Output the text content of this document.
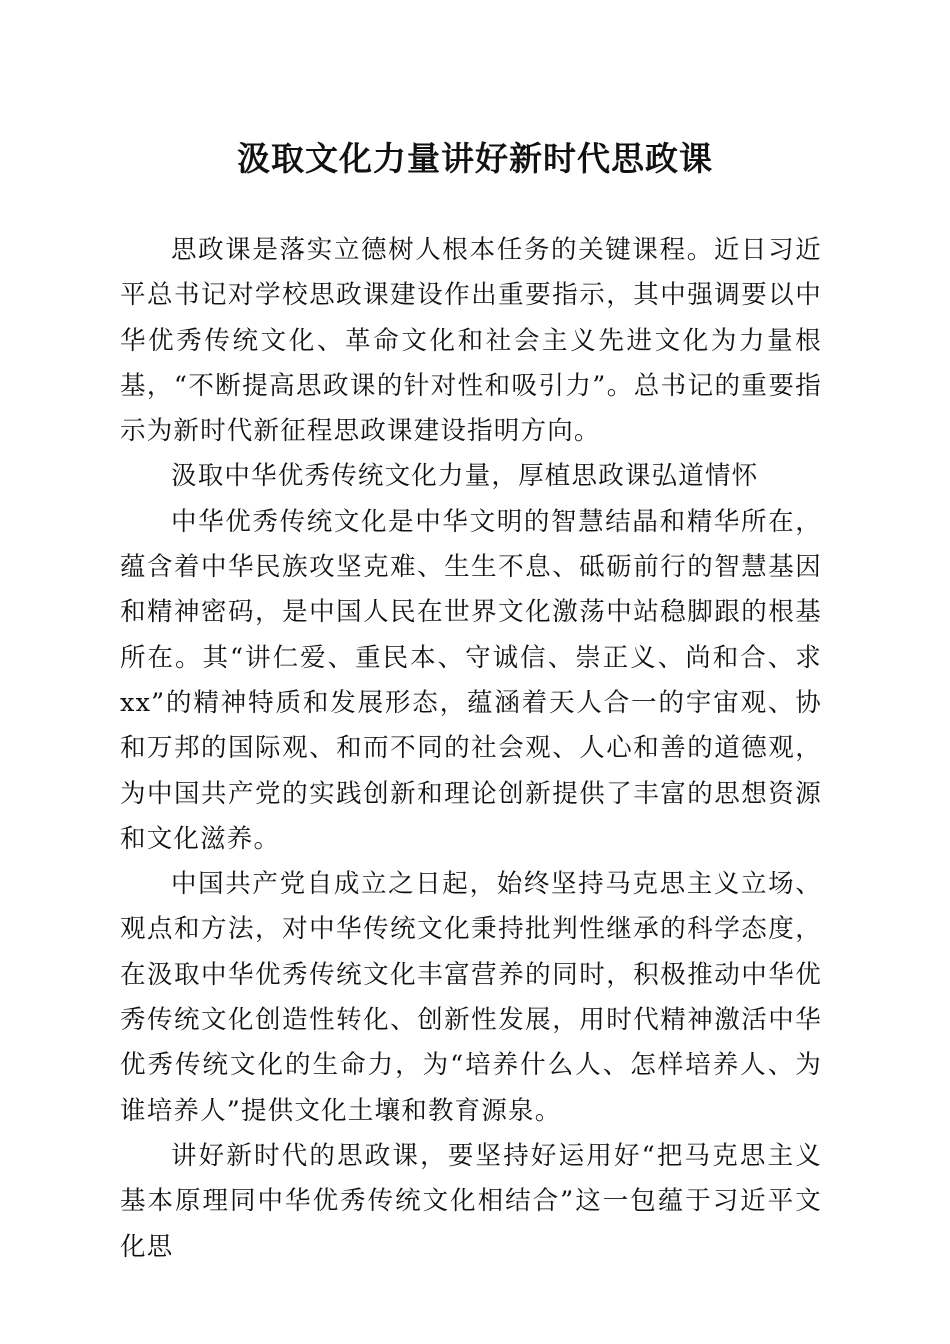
汲取文化力量讲好新时代思政课

思政课是落实立德树人根本任务的关键课程。近日习近平总书记对学校思政课建设作出重要指示，其中强调要以中华优秀传统文化、革命文化和社会主义先进文化为力量根基，“不断提高思政课的针对性和吸引力”。总书记的重要指示为新时代新征程思政课建设指明方向。

汲取中华优秀传统文化力量，厚植思政课弘道情怀

中华优秀传统文化是中华文明的智慧结晶和精华所在，蕴含着中华民族攻坚克难、生生不息、砥砺前行的智慧基因和精神密码，是中国人民在世界文化激荡中站稳脚跟的根基所在。其“讲仁爱、重民本、守诚信、崇正义、尚和合、求xx”的精神特质和发展形态，蕴涵着天人合一的宇宙观、协和万邦的国际观、和而不同的社会观、人心和善的道德观，为中国共产党的实践创新和理论创新提供了丰富的思想资源和文化滋养。

中国共产党自成立之日起，始终坚持马克思主义立场、观点和方法，对中华传统文化秉持批判性继承的科学态度，在汲取中华优秀传统文化丰富营养的同时，积极推动中华优秀传统文化创造性转化、创新性发展，用时代精神激活中华优秀传统文化的生命力，为“培养什么人、怎样培养人、为谁培养人”提供文化土壤和教育源泉。

讲好新时代的思政课，要坚持好运用好“把马克思主义基本原理同中华优秀传统文化相结合”这一包蕴于习近平文化思
